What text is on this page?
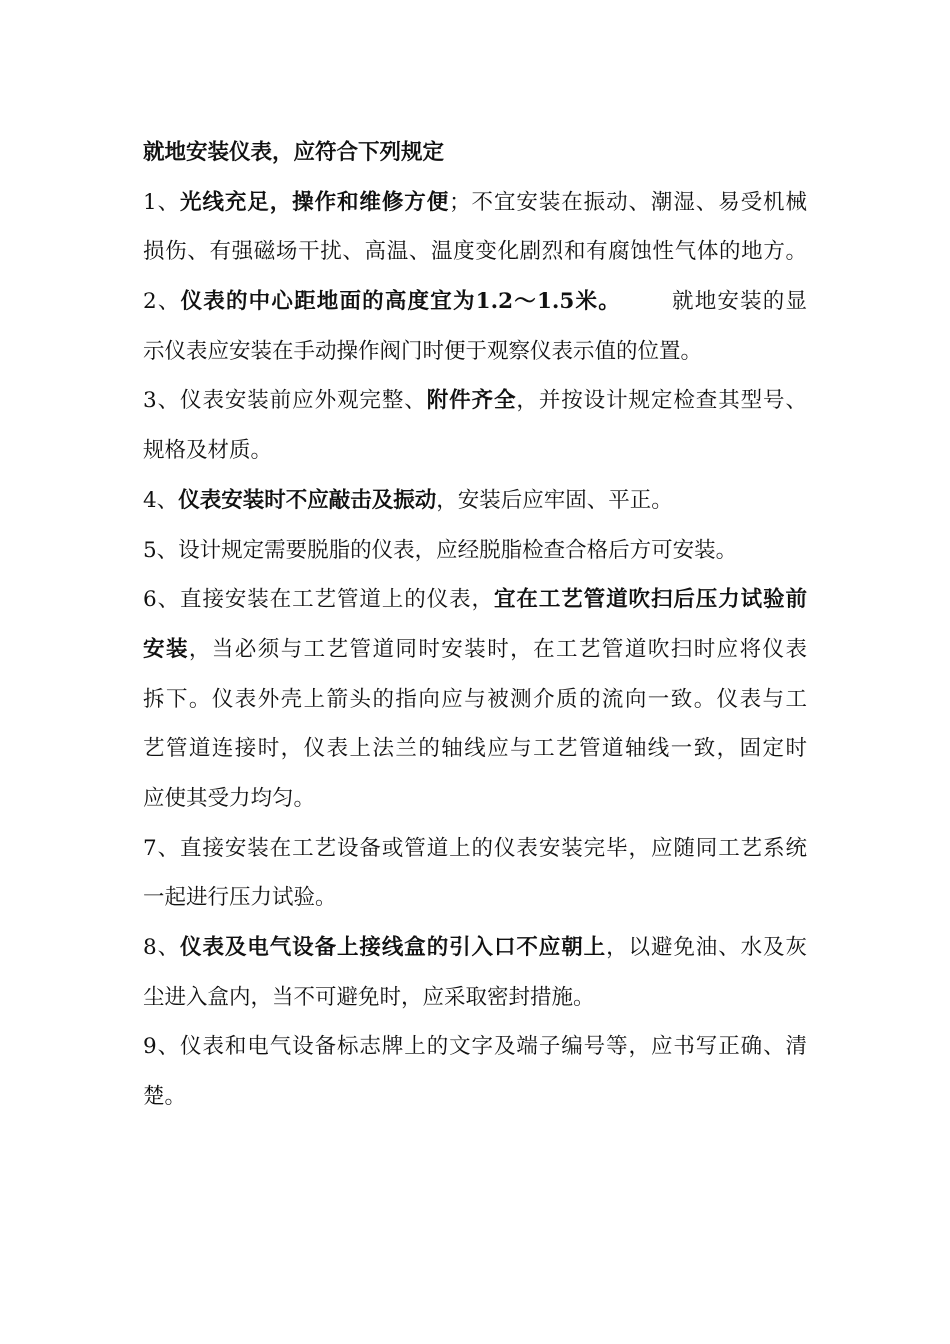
就地安装仪表，应符合下列规定
1、光线充足，操作和维修方便；不宜安装在振动、潮湿、易受机械
损伤、有强磁场干扰、高温、温度变化剧烈和有腐蚀性气体的地方。
2、仪表的中心距地面的高度宜为1.2～1.5米。   就地安装的显
示仪表应安装在手动操作阀门时便于观察仪表示值的位置。
3、仪表安装前应外观完整、附件齐全，并按设计规定检查其型号、
规格及材质。
4、仪表安装时不应敲击及振动，安装后应牢固、平正。
5、设计规定需要脱脂的仪表，应经脱脂检查合格后方可安装。
6、直接安装在工艺管道上的仪表，宜在工艺管道吹扫后压力试验前
安装，当必须与工艺管道同时安装时，在工艺管道吹扫时应将仪表
拆下。仪表外壳上箭头的指向应与被测介质的流向一致。仪表与工
艺管道连接时，仪表上法兰的轴线应与工艺管道轴线一致，固定时
应使其受力均匀。
7、直接安装在工艺设备或管道上的仪表安装完毕，应随同工艺系统
一起进行压力试验。
8、仪表及电气设备上接线盒的引入口不应朝上，以避免油、水及灰
尘进入盒内，当不可避免时，应采取密封措施。
9、仪表和电气设备标志牌上的文字及端子编号等，应书写正确、清
楚。
